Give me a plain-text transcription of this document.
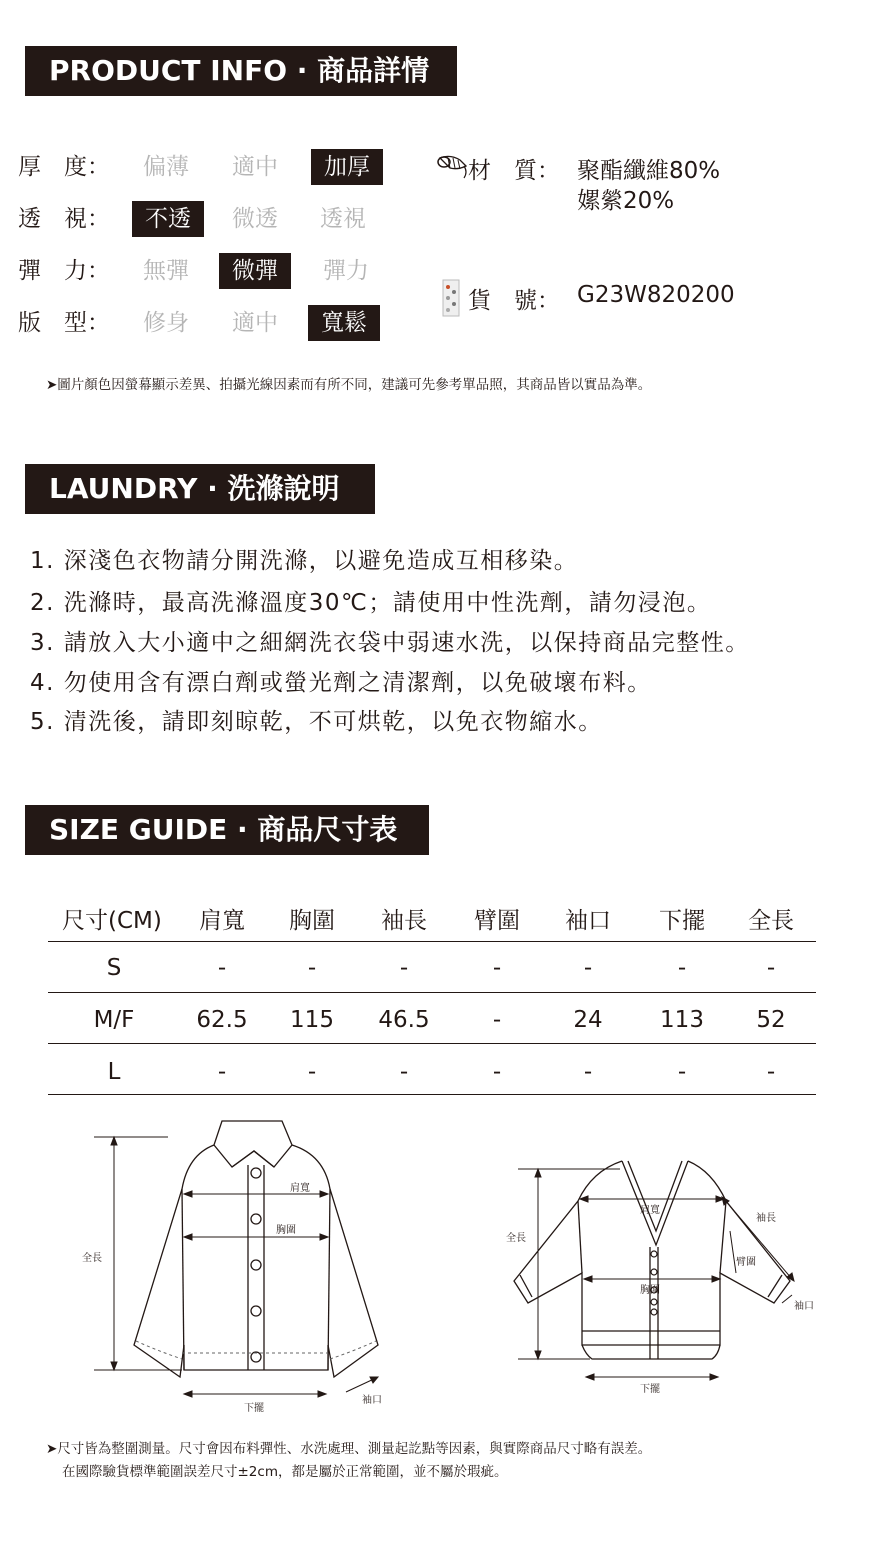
PRODUCT INFO · 商品詳情
厚　度：	偏薄	適中	加厚
透　視：	不透	微透	透視
彈　力：	無彈	微彈	彈力
版　型：	修身	適中	寬鬆
材　質： 聚酯纖維80%
嫘縈20%
貨　號： G23W820200
➤圖片顏色因螢幕顯示差異、拍攝光線因素而有所不同，建議可先參考單品照，其商品皆以實品為準。
LAUNDRY · 洗滌說明
1. 深淺色衣物請分開洗滌，以避免造成互相移染。
2. 洗滌時，最高洗滌溫度30℃；請使用中性洗劑，請勿浸泡。
3. 請放入大小適中之細網洗衣袋中弱速水洗，以保持商品完整性。
4. 勿使用含有漂白劑或螢光劑之清潔劑，以免破壞布料。
5. 清洗後，請即刻晾乾，不可烘乾，以免衣物縮水。
SIZE GUIDE · 商品尺寸表
尺寸(CM)	肩寬	胸圍	袖長	臂圍	袖口	下擺	全長
S	-	-	-	-	-	-	-
M/F	62.5	115	46.5	-	24	113	52
L	-	-	-	-	-	-	-
肩寬
胸圍
全長
下擺
袖口
肩寬
胸圍
全長
下擺
袖長
臂圍
袖口
➤尺寸皆為整圍測量。尺寸會因布料彈性、水洗處理、測量起訖點等因素，與實際商品尺寸略有誤差。
在國際驗貨標準範圍誤差尺寸±2cm，都是屬於正常範圍，並不屬於瑕疵。
